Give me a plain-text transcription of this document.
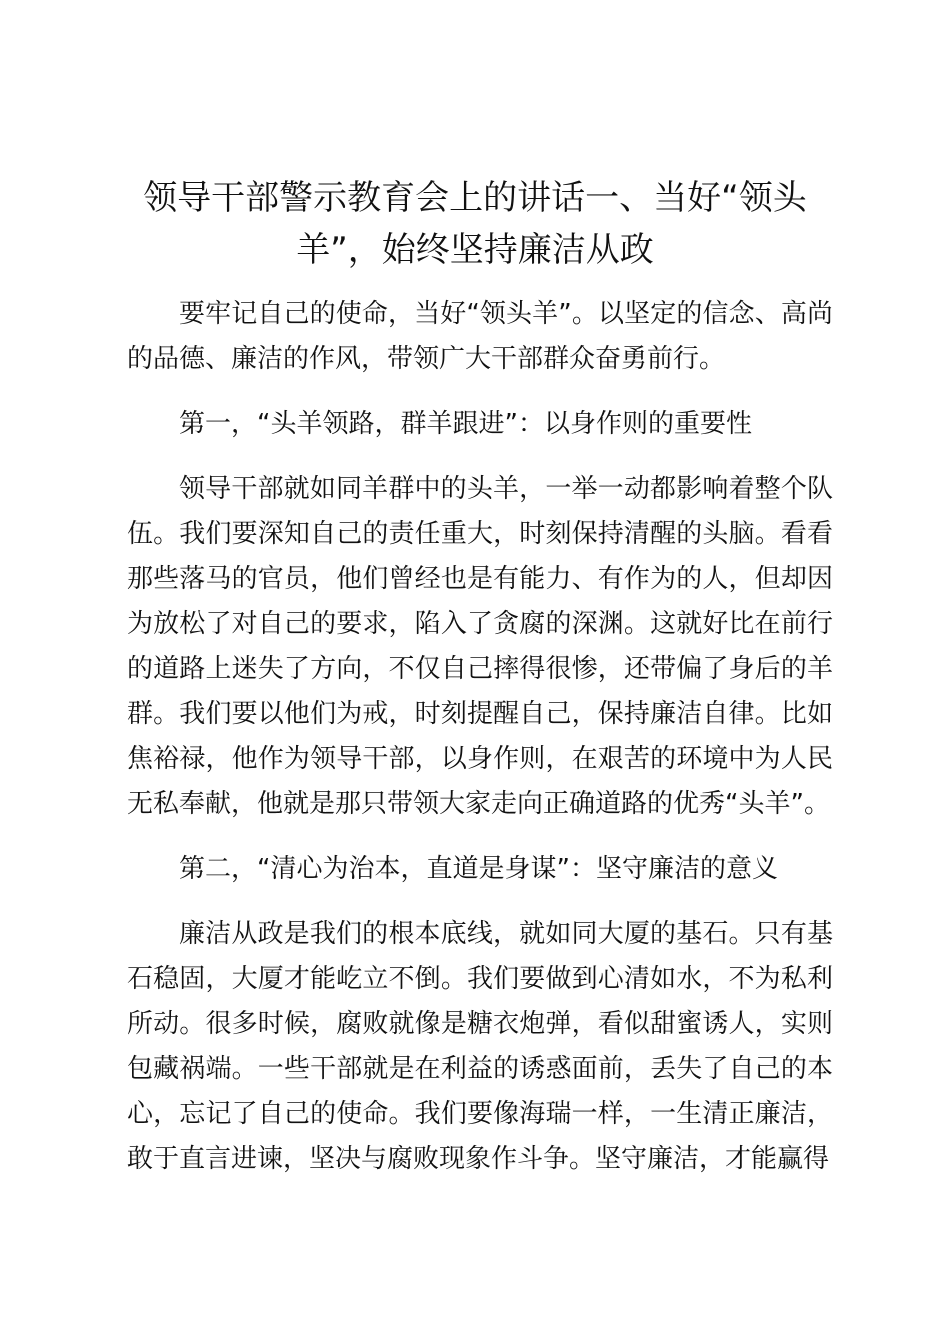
领导干部警示教育会上的讲话一、当好“领头羊”，始终坚持廉洁从政

要牢记自己的使命，当好“领头羊”。以坚定的信念、高尚的品德、廉洁的作风，带领广大干部群众奋勇前行。

第一，“头羊领路，群羊跟进”：以身作则的重要性

领导干部就如同羊群中的头羊，一举一动都影响着整个队伍。我们要深知自己的责任重大，时刻保持清醒的头脑。看看那些落马的官员，他们曾经也是有能力、有作为的人，但却因为放松了对自己的要求，陷入了贪腐的深渊。这就好比在前行的道路上迷失了方向，不仅自己摔得很惨，还带偏了身后的羊群。我们要以他们为戒，时刻提醒自己，保持廉洁自律。比如焦裕禄，他作为领导干部，以身作则，在艰苦的环境中为人民无私奉献，他就是那只带领大家走向正确道路的优秀“头羊”。

第二，“清心为治本，直道是身谋”：坚守廉洁的意义

廉洁从政是我们的根本底线，就如同大厦的基石。只有基石稳固，大厦才能屹立不倒。我们要做到心清如水，不为私利所动。很多时候，腐败就像是糖衣炮弹，看似甜蜜诱人，实则包藏祸端。一些干部就是在利益的诱惑面前，丢失了自己的本心，忘记了自己的使命。我们要像海瑞一样，一生清正廉洁，敢于直言进谏，坚决与腐败现象作斗争。坚守廉洁，才能赢得
